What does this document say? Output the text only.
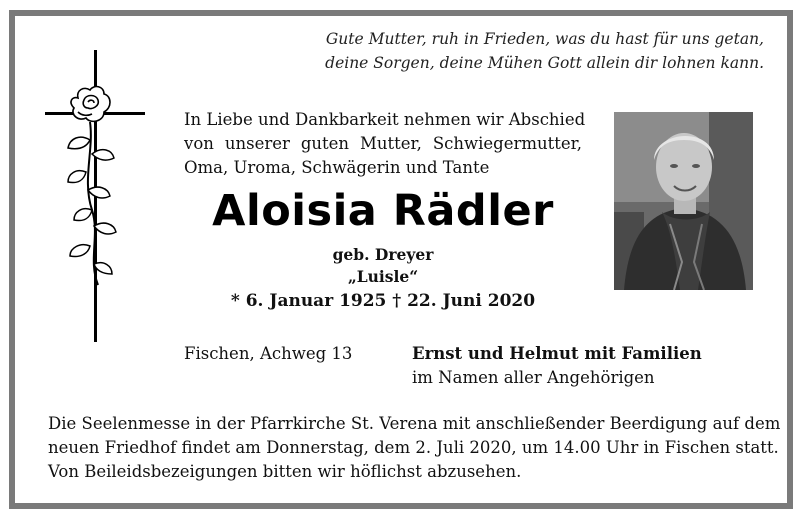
Gute Mutter, ruh in Frieden, was du hast für uns getan,
deine Sorgen, deine Mühen Gott allein dir lohnen kann.
In Liebe und Dankbarkeit nehmen wir Abschied
von unserer guten Mutter, Schwiegermutter,
Oma, Uroma, Schwägerin und Tante
Aloisia Rädler
geb. Dreyer
„Luisle“
* 6. Januar 1925 † 22. Juni 2020
Fischen, Achweg 13	Ernst und Helmut mit Familien
im Namen aller Angehörigen
Die Seelenmesse in der Pfarrkirche St. Verena mit anschließender Beerdigung auf dem
neuen Friedhof findet am Donnerstag, dem 2. Juli 2020, um 14.00 Uhr in Fischen statt.
Von Beileidsbezeigungen bitten wir höflichst abzusehen.
